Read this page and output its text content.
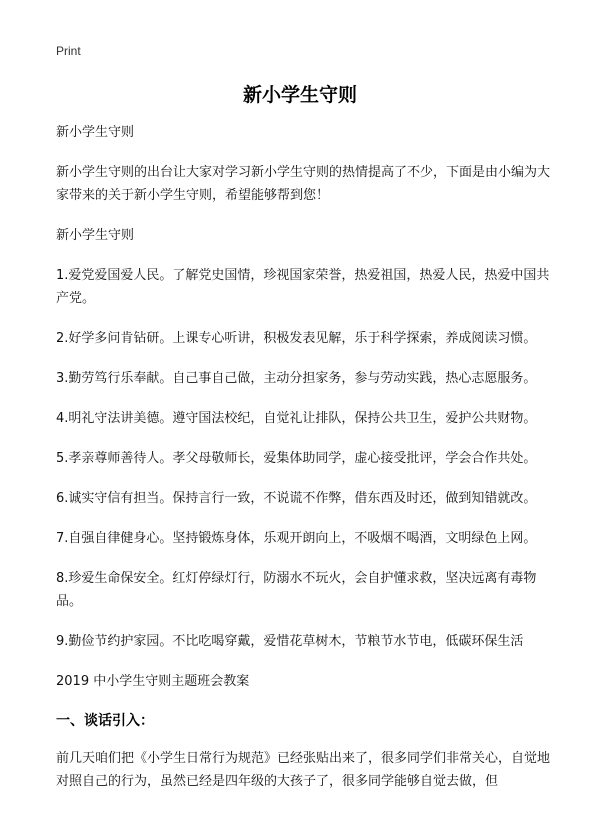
Print
新小学生守则

新小学生守则

新小学生守则的出台让大家对学习新小学生守则的热情提高了不少，下面是由小编为大家带来的关于新小学生守则，希望能够帮到您！

新小学生守则

1.爱党爱国爱人民。了解党史国情，珍视国家荣誉，热爱祖国，热爱人民，热爱中国共产党。

2.好学多问肯钻研。上课专心听讲，积极发表见解，乐于科学探索，养成阅读习惯。

3.勤劳笃行乐奉献。自己事自己做，主动分担家务，参与劳动实践，热心志愿服务。

4.明礼守法讲美德。遵守国法校纪，自觉礼让排队，保持公共卫生，爱护公共财物。

5.孝亲尊师善待人。孝父母敬师长，爱集体助同学，虚心接受批评，学会合作共处。

6.诚实守信有担当。保持言行一致，不说谎不作弊，借东西及时还，做到知错就改。

7.自强自律健身心。坚持锻炼身体，乐观开朗向上，不吸烟不喝酒，文明绿色上网。

8.珍爱生命保安全。红灯停绿灯行，防溺水不玩火，会自护懂求救，坚决远离有毒物品。

9.勤俭节约护家园。不比吃喝穿戴，爱惜花草树木，节粮节水节电，低碳环保生活

2019 中小学生守则主题班会教案

一、谈话引入：

前几天咱们把《小学生日常行为规范》已经张贴出来了，很多同学们非常关心，自觉地对照自己的行为，虽然已经是四年级的大孩子了，很多同学能够自觉去做，但
